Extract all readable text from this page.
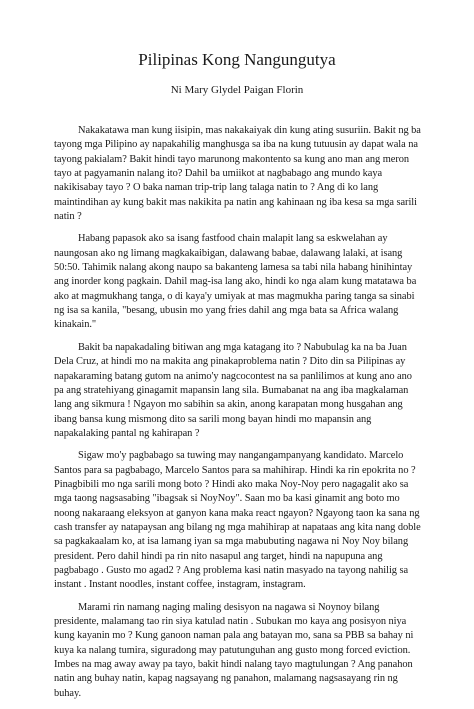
Pilipinas Kong Nangungutya
Ni Mary Glydel Paigan Florin

Nakakatawa man kung iisipin, mas nakakaiyak din kung ating susuriin. Bakit ng ba tayong mga Pilipino ay napakahilig manghusga sa iba na kung tutuusin ay dapat wala na tayong pakialam? Bakit hindi tayo marunong makontento sa kung ano man ang meron tayo at pagyamanin nalang ito? Dahil ba umiikot at nagbabago ang mundo kaya nakikisabay tayo ? O baka naman trip-trip lang talaga natin to ? Ang di ko lang maintindihan ay kung bakit mas nakikita pa natin ang kahinaan ng iba kesa sa mga sarili natin ?

Habang papasok ako sa isang fastfood chain malapit lang sa eskwelahan ay naungosan ako ng limang magkakaibigan, dalawang babae, dalawang lalaki, at isang 50:50. Tahimik nalang akong naupo sa bakanteng lamesa sa tabi nila habang hinihintay ang inorder kong pagkain. Dahil mag-isa lang ako, hindi ko nga alam kung matatawa ba ako at magmukhang tanga, o di kaya'y umiyak at mas magmukha paring tanga sa sinabi ng isa sa kanila, "besang, ubusin mo yang fries dahil ang mga bata sa Africa walang kinakain."

Bakit ba napakadaling bitiwan ang mga katagang ito ? Nabubulag ka na ba Juan Dela Cruz, at hindi mo na makita ang pinakaproblema natin ? Dito din sa Pilipinas ay napakaraming batang gutom na animo'y nagcocontest na sa panlilimos at kung ano ano pa ang stratehiyang ginagamit mapansin lang sila. Bumabanat na ang iba magkalaman lang ang sikmura ! Ngayon mo sabihin sa akin, anong karapatan mong husgahan ang ibang bansa kung mismong dito sa sarili mong bayan hindi mo mapansin ang napakalaking pantal ng kahirapan ?

Sigaw mo'y pagbabago sa tuwing may nangangampanyang kandidato. Marcelo Santos para sa pagbabago, Marcelo Santos para sa mahihirap. Hindi ka rin epokrita no ? Pinagbibili mo nga sarili mong boto ? Hindi ako maka Noy-Noy pero nagagalit ako sa mga taong nagsasabing "ibagsak si NoyNoy". Saan mo ba kasi ginamit ang boto mo noong nakaraang eleksyon at ganyon kana maka react ngayon? Ngayong taon ka sana ng cash transfer ay natapaysan ang bilang ng mga mahihirap at napataas ang kita nang doble sa pagkakaalam ko, at isa lamang iyan sa mga mabubuting nagawa ni Noy Noy bilang president. Pero dahil hindi pa rin nito nasapul ang target, hindi na napupuna ang pagbabago . Gusto mo agad2 ? Ang problema kasi natin masyado na tayong nahilig sa instant . Instant noodles, instant coffee, instagram, instagram.

Marami rin namang naging maling desisyon na nagawa si Noynoy bilang presidente, malamang tao rin siya katulad natin . Subukan mo kaya ang posisyon niya kung kayanin mo ? Kung ganoon naman pala ang batayan mo, sana sa PBB sa bahay ni kuya ka nalang tumira, siguradong may patutunguhan ang gusto mong forced eviction. Imbes na mag away away pa tayo, bakit hindi nalang tayo magtulungan ? Ang panahon natin ang buhay natin, kapag nagsayang ng panahon, malamang nagsasayang rin ng buhay.
